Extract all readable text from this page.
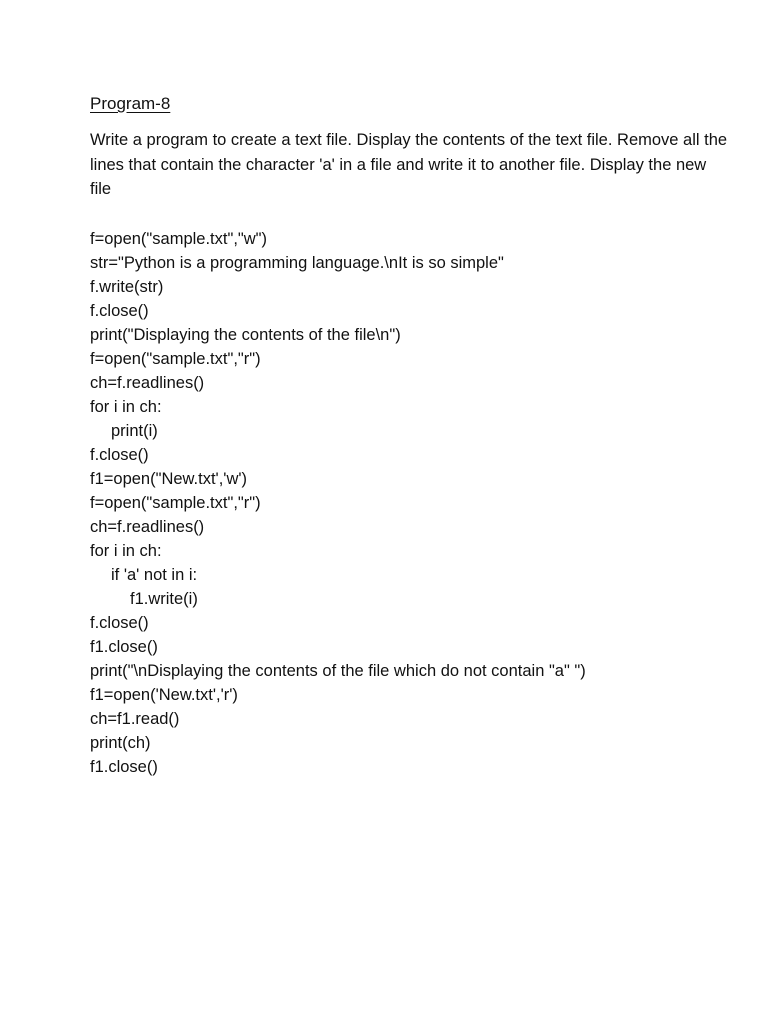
Program-8

Write a program to create a text file. Display the contents of the text file. Remove all the lines that contain the character 'a' in a file and write it to another file. Display the new file

f=open("sample.txt","w")
str="Python is a programming language.\nIt is so simple"
f.write(str)
f.close()
print("Displaying the contents of the file\n")
f=open("sample.txt","r")
ch=f.readlines()
for i in ch:
print(i)
f.close()
f1=open("New.txt','w')
f=open("sample.txt","r")
ch=f.readlines()
for i in ch:
if 'a' not in i:
f1.write(i)
f.close()
f1.close()
print("\nDisplaying the contents of the file which do not contain "a" ")
f1=open('New.txt','r')
ch=f1.read()
print(ch)
f1.close()
